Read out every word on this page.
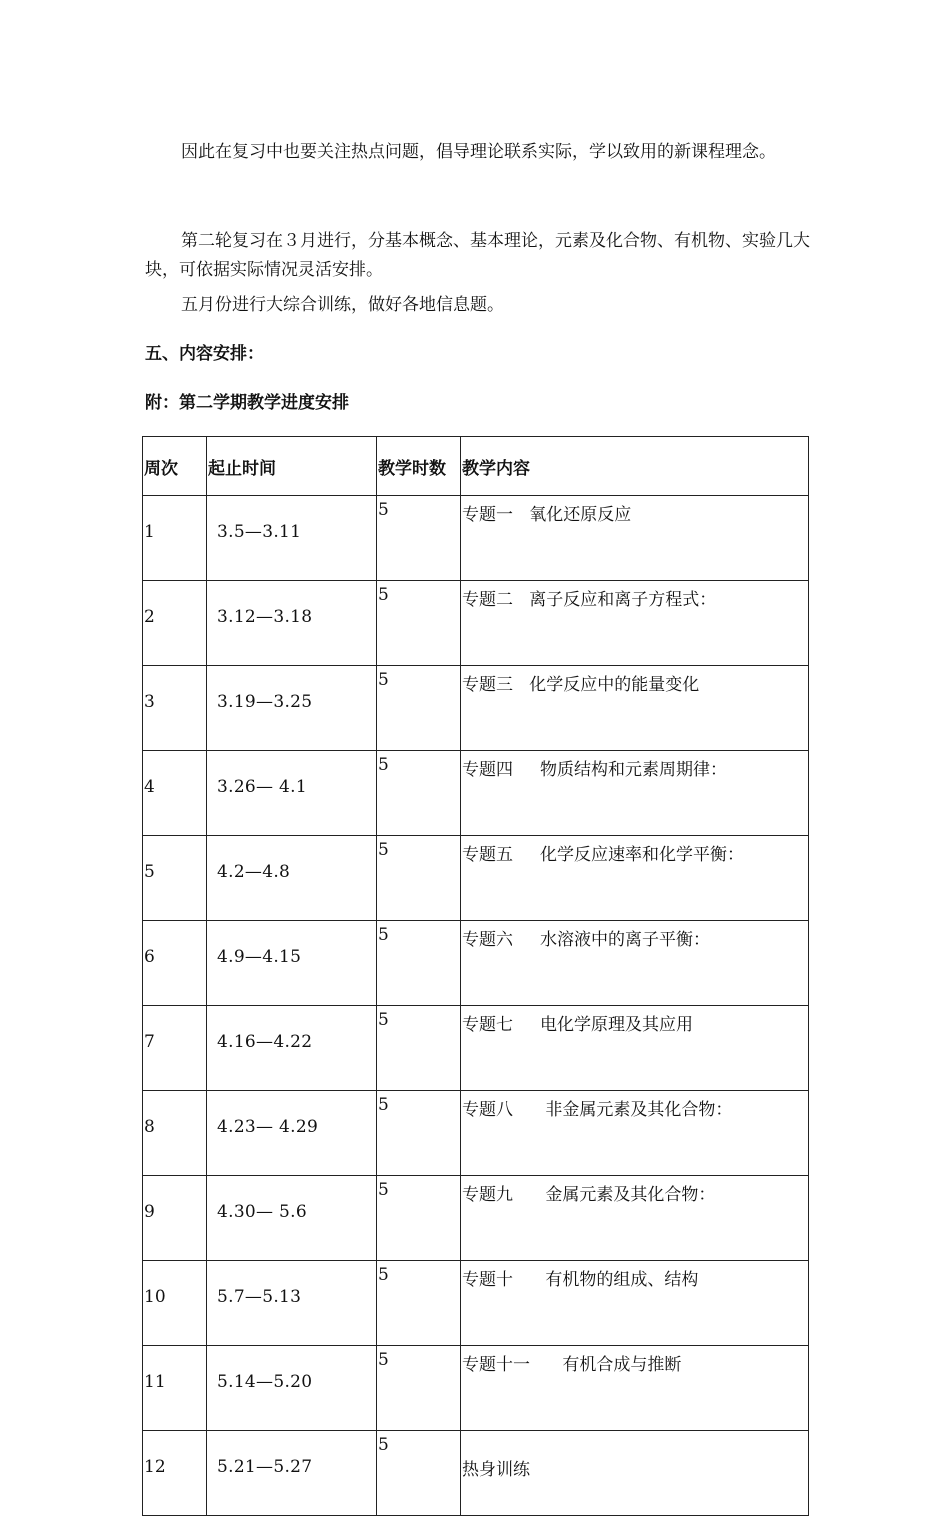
因此在复习中也要关注热点问题，倡导理论联系实际，学以致用的新课程理念。

第二轮复习在３月进行，分基本概念、基本理论，元素及化合物、有机物、实验几大块，可依据实际情况灵活安排。

五月份进行大综合训练，做好各地信息题。

五、内容安排：

附：第二学期教学进度安排

周次	起止时间	教学时数	教学内容
1	3.5—3.11	5	专题一   氧化还原反应
2	3.12—3.18	5	专题二   离子反应和离子方程式：
3	3.19—3.25	5	专题三   化学反应中的能量变化
4	3.26— 4.1	5	专题四     物质结构和元素周期律：
5	4.2—4.8	5	专题五     化学反应速率和化学平衡：
6	4.9—4.15	5	专题六     水溶液中的离子平衡：
7	4.16—4.22	5	专题七     电化学原理及其应用
8	4.23— 4.29	5	专题八      非金属元素及其化合物：
9	4.30— 5.6	5	专题九      金属元素及其化合物：
10	5.7—5.13	5	专题十      有机物的组成、结构
11	5.14—5.20	5	专题十一      有机合成与推断
12	5.21—5.27	5	热身训练
